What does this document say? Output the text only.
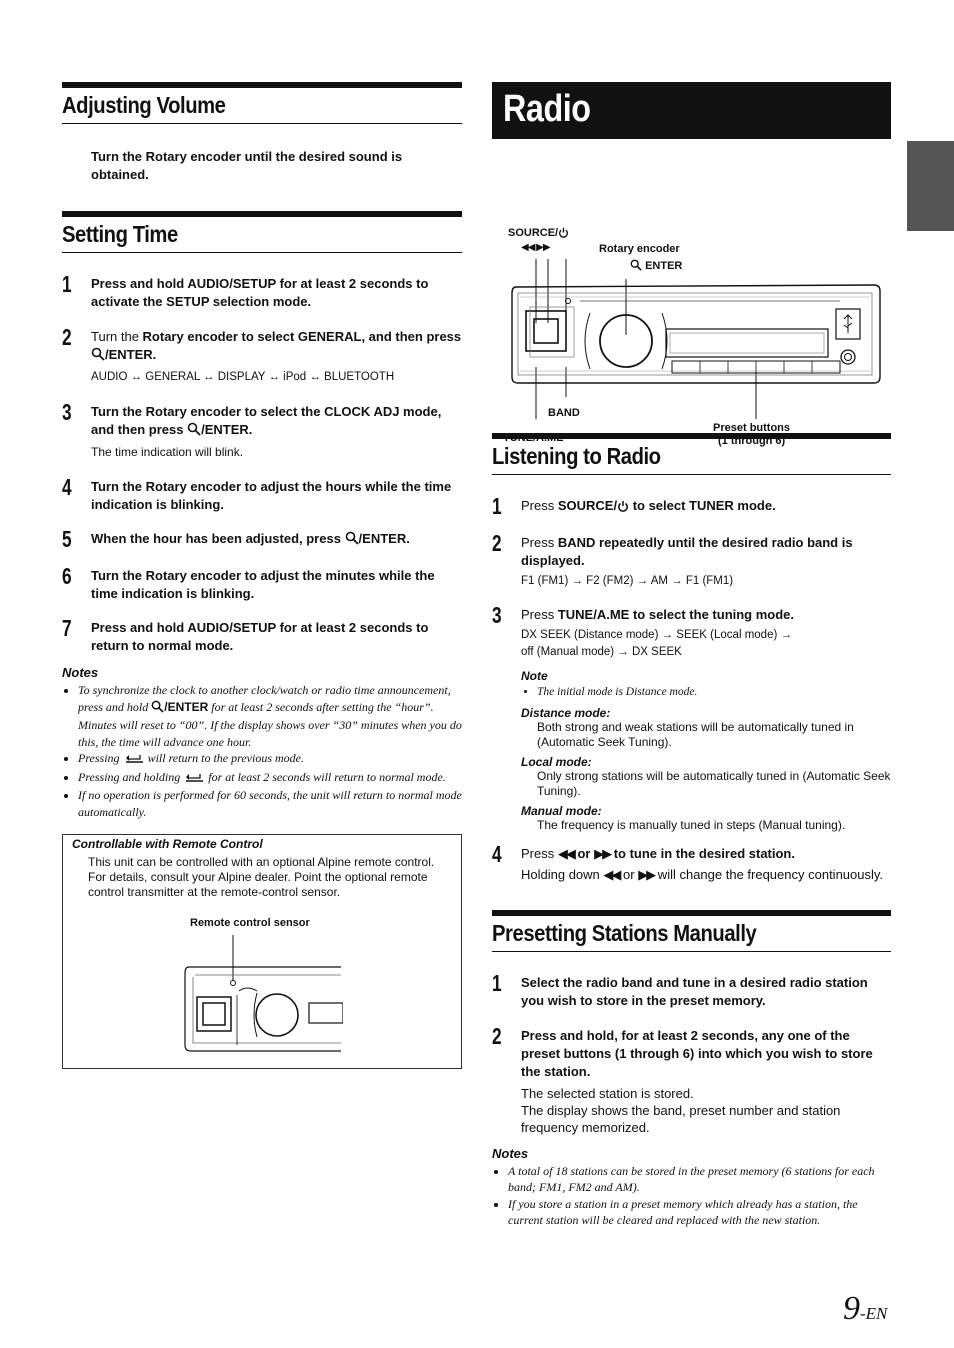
Adjusting Volume

Turn the Rotary encoder until the desired sound is obtained.

Setting Time
1 Press and hold AUDIO/SETUP for at least 2 seconds to activate the SETUP selection mode.
2 Turn the Rotary encoder to select GENERAL, and then press /ENTER.
AUDIO ↔ GENERAL ↔ DISPLAY ↔ iPod ↔ BLUETOOTH
3 Turn the Rotary encoder to select the CLOCK ADJ mode, and then press /ENTER.
The time indication will blink.
4 Turn the Rotary encoder to adjust the hours while the time indication is blinking.
5 When the hour has been adjusted, press /ENTER.
6 Turn the Rotary encoder to adjust the minutes while the time indication is blinking.
7 Press and hold AUDIO/SETUP for at least 2 seconds to return to normal mode.

Notes

• To synchronize the clock to another clock/watch or radio time announcement, press and hold /ENTER for at least 2 seconds after setting the “hour”. Minutes will reset to “00”. If the display shows over “30” minutes when you do this, the time will advance one hour.
• Pressing  will return to the previous mode.
• Pressing and holding  for at least 2 seconds will return to normal mode.
• If no operation is performed for 60 seconds, the unit will return to normal mode automatically.
Controllable with Remote Control
This unit can be controlled with an optional Alpine remote control. For details, consult your Alpine dealer. Point the optional remote control transmitter at the remote-control sensor.
Remote control sensor
Radio
SOURCE/
◀◀ ▶▶	Rotary encoder
ENTER
BAND
TUNE/A.ME
Preset buttons
(1 through 6)
Listening to Radio
1 Press SOURCE/ to select TUNER mode.
2 Press BAND repeatedly until the desired radio band is displayed.
F1 (FM1) → F2 (FM2) → AM → F1 (FM1)
3 Press TUNE/A.ME to select the tuning mode.
DX SEEK (Distance mode) → SEEK (Local mode) → off (Manual mode) → DX SEEK

Note

• The initial mode is Distance mode.

Distance mode:

Both strong and weak stations will be automatically tuned in (Automatic Seek Tuning).

Local mode:

Only strong stations will be automatically tuned in (Automatic Seek Tuning).

Manual mode:

The frequency is manually tuned in steps (Manual tuning).

4 Press ◀◀ or ▶▶ to tune in the desired station.
Holding down ◀◀ or ▶▶ will change the frequency continuously.
Presetting Stations Manually
1 Select the radio band and tune in a desired radio station you wish to store in the preset memory.
2 Press and hold, for at least 2 seconds, any one of the preset buttons (1 through 6) into which you wish to store the station.
The selected station is stored.
The display shows the band, preset number and station frequency memorized.

Notes

• A total of 18 stations can be stored in the preset memory (6 stations for each band; FM1, FM2 and AM).
• If you store a station in a preset memory which already has a station, the current station will be cleared and replaced with the new station.
9-EN
